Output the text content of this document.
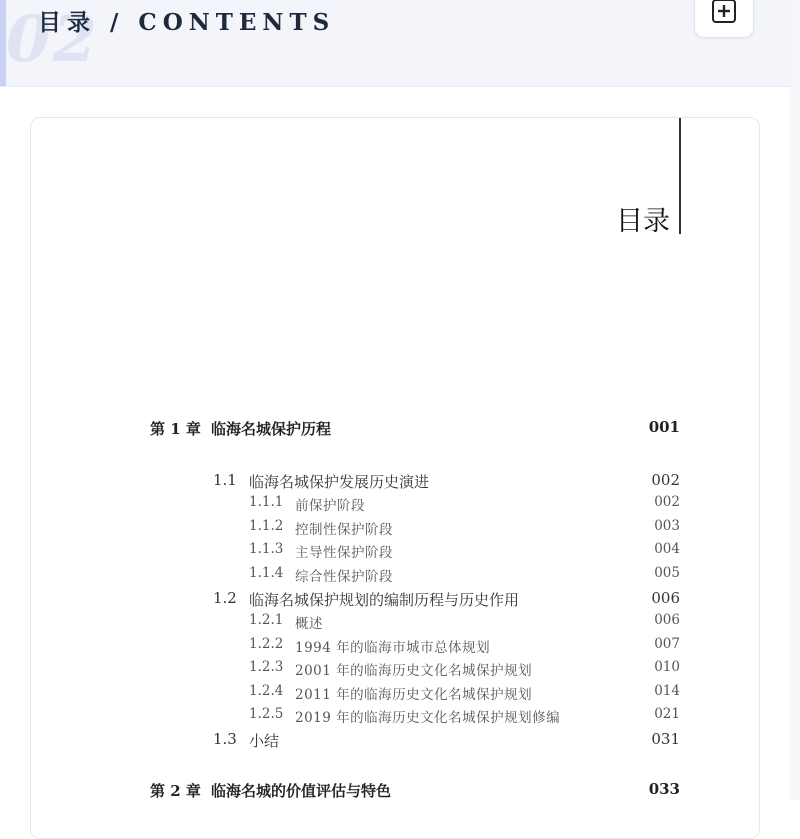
02
目录 / CONTENTS
目录
第 1 章 临海名城保护历程	001
1.1 临海名城保护发展历史演进	002
1.1.1 前保护阶段	002
1.1.2 控制性保护阶段	003
1.1.3 主导性保护阶段	004
1.1.4 综合性保护阶段	005
1.2 临海名城保护规划的编制历程与历史作用	006
1.2.1 概述	006
1.2.2 1994 年的临海市城市总体规划	007
1.2.3 2001 年的临海历史文化名城保护规划	010
1.2.4 2011 年的临海历史文化名城保护规划	014
1.2.5 2019 年的临海历史文化名城保护规划修编	021
1.3 小结	031
第 2 章 临海名城的价值评估与特色	033
